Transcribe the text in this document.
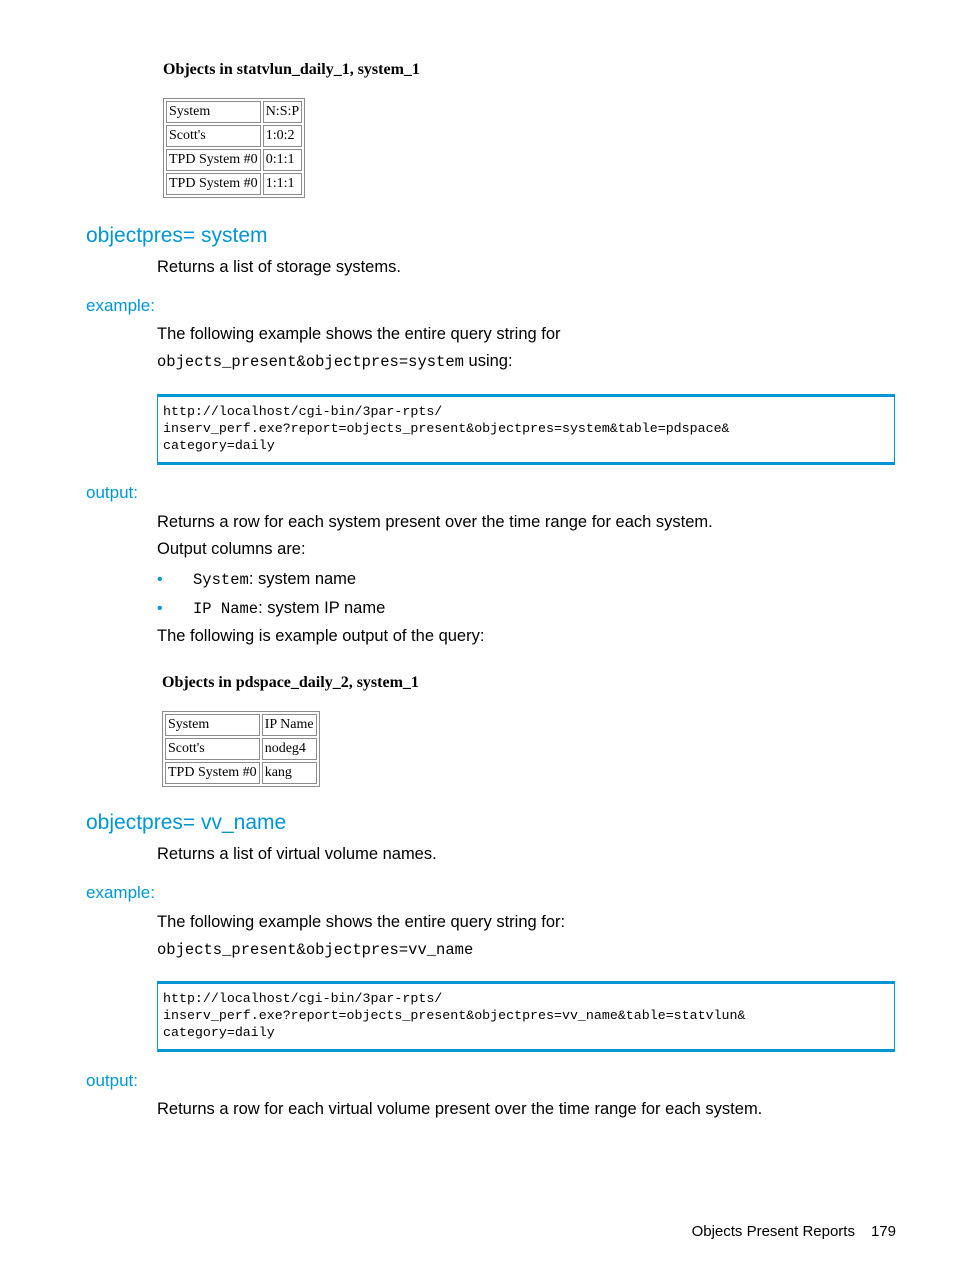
Objects in statvlun_daily_1, system_1
System	N:S:P
Scott's	1:0:2
TPD System #0	0:1:1
TPD System #0	1:1:1
objectpres= system
Returns a list of storage systems.
example:
The following example shows the entire query string for
objects_present&objectpres=system using:
http://localhost/cgi-bin/3par-rpts/
inserv_perf.exe?report=objects_present&objectpres=system&table=pdspace&
category=daily
output:
Returns a row for each system present over the time range for each system.
Output columns are:
• System: system name
• IP Name: system IP name
The following is example output of the query:
Objects in pdspace_daily_2, system_1
System	IP Name
Scott's	nodeg4
TPD System #0	kang
objectpres= vv_name
Returns a list of virtual volume names.
example:
The following example shows the entire query string for:
objects_present&objectpres=vv_name
http://localhost/cgi-bin/3par-rpts/
inserv_perf.exe?report=objects_present&objectpres=vv_name&table=statvlun&
category=daily
output:
Returns a row for each virtual volume present over the time range for each system.
Objects Present Reports 179
